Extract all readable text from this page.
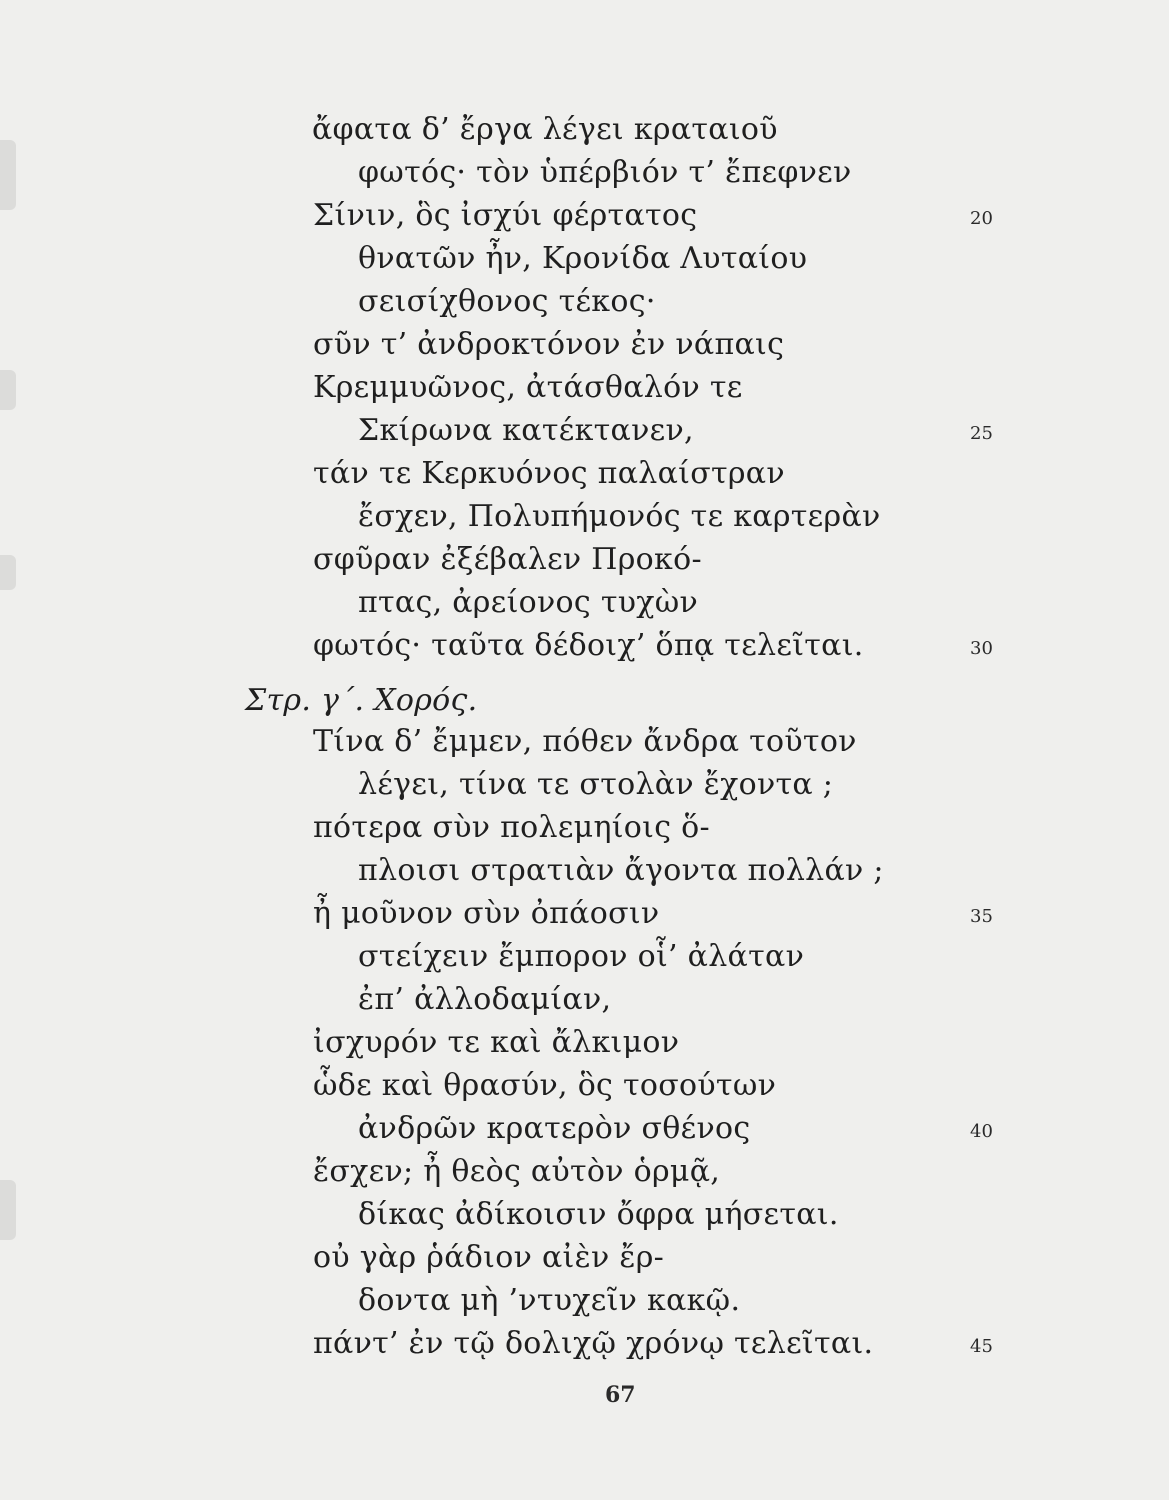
ἄφατα δ’ ἔργα λέγει κραταιοῦ
φωτός· τὸν ὑπέρβιόν τ’ ἔπεφνεν
Σίνιν, ὃς ἰσχύι φέρτατος
θνατῶν ἦν, Κρονίδα Λυταίου
σεισίχθονος τέκος·
σῦν τ’ ἀνδροκτόνον ἐν νάπαις
Κρεμμυῶνος, ἀτάσθαλόν τε
Σκίρωνα κατέκτανεν,
τάν τε Κερκυόνος παλαίστραν
ἔσχεν, Πολυπήμονός τε καρτερὰν
σφῦραν ἐξέβαλεν Προκό-
πτας, ἀρείονος τυχὼν
φωτός· ταῦτα δέδοιχ’ ὅπᾳ τελεῖται.
Στρ. γ΄. Χορός.
Τίνα δ’ ἔμμεν, πόθεν ἄνδρα τοῦτον
λέγει, τίνα τε στολὰν ἔχοντα ;
πότερα σὺν πολεμηίοις ὅ-
πλοισι στρατιὰν ἄγοντα πολλάν ;
ἦ μοῦνον σὺν ὀπάοσιν
στείχειν ἔμπορον οἷ’ ἀλάταν
ἐπ’ ἀλλοδαμίαν,
ἰσχυρόν τε καὶ ἄλκιμον
ὧδε καὶ θρασύν, ὃς τοσούτων
ἀνδρῶν κρατερὸν σθένος
ἔσχεν; ἦ θεὸς αὐτὸν ὁρμᾷ,
δίκας ἀδίκοισιν ὄφρα μήσεται.
οὐ γὰρ ῥάδιον αἰὲν ἔρ-
δοντα μὴ ’ντυχεῖν κακῷ.
πάντ’ ἐν τῷ δολιχῷ χρόνῳ τελεῖται.
20
25
30
35
40
45
67
